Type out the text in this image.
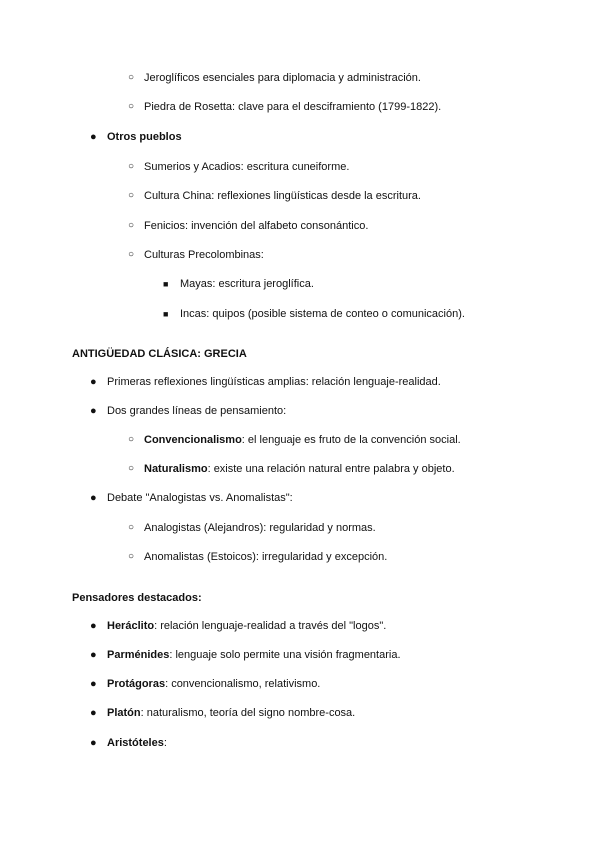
○ Jeroglíficos esenciales para diplomacia y administración.
○ Piedra de Rosetta: clave para el desciframiento (1799-1822).
● Otros pueblos
○ Sumerios y Acadios: escritura cuneiforme.
○ Cultura China: reflexiones lingüísticas desde la escritura.
○ Fenicios: invención del alfabeto consonántico.
○ Culturas Precolombinas:
■ Mayas: escritura jeroglífica.
■ Incas: quipos (posible sistema de conteo o comunicación).
ANTIGÜEDAD CLÁSICA: GRECIA
● Primeras reflexiones lingüísticas amplias: relación lenguaje-realidad.
● Dos grandes líneas de pensamiento:
○ Convencionalismo: el lenguaje es fruto de la convención social.
○ Naturalismo: existe una relación natural entre palabra y objeto.
● Debate "Analogistas vs. Anomalistas":
○ Analogistas (Alejandros): regularidad y normas.
○ Anomalistas (Estoicos): irregularidad y excepción.
Pensadores destacados:
● Heráclito: relación lenguaje-realidad a través del "logos".
● Parménides: lenguaje solo permite una visión fragmentaria.
● Protágoras: convencionalismo, relativismo.
● Platón: naturalismo, teoría del signo nombre-cosa.
● Aristóteles:
